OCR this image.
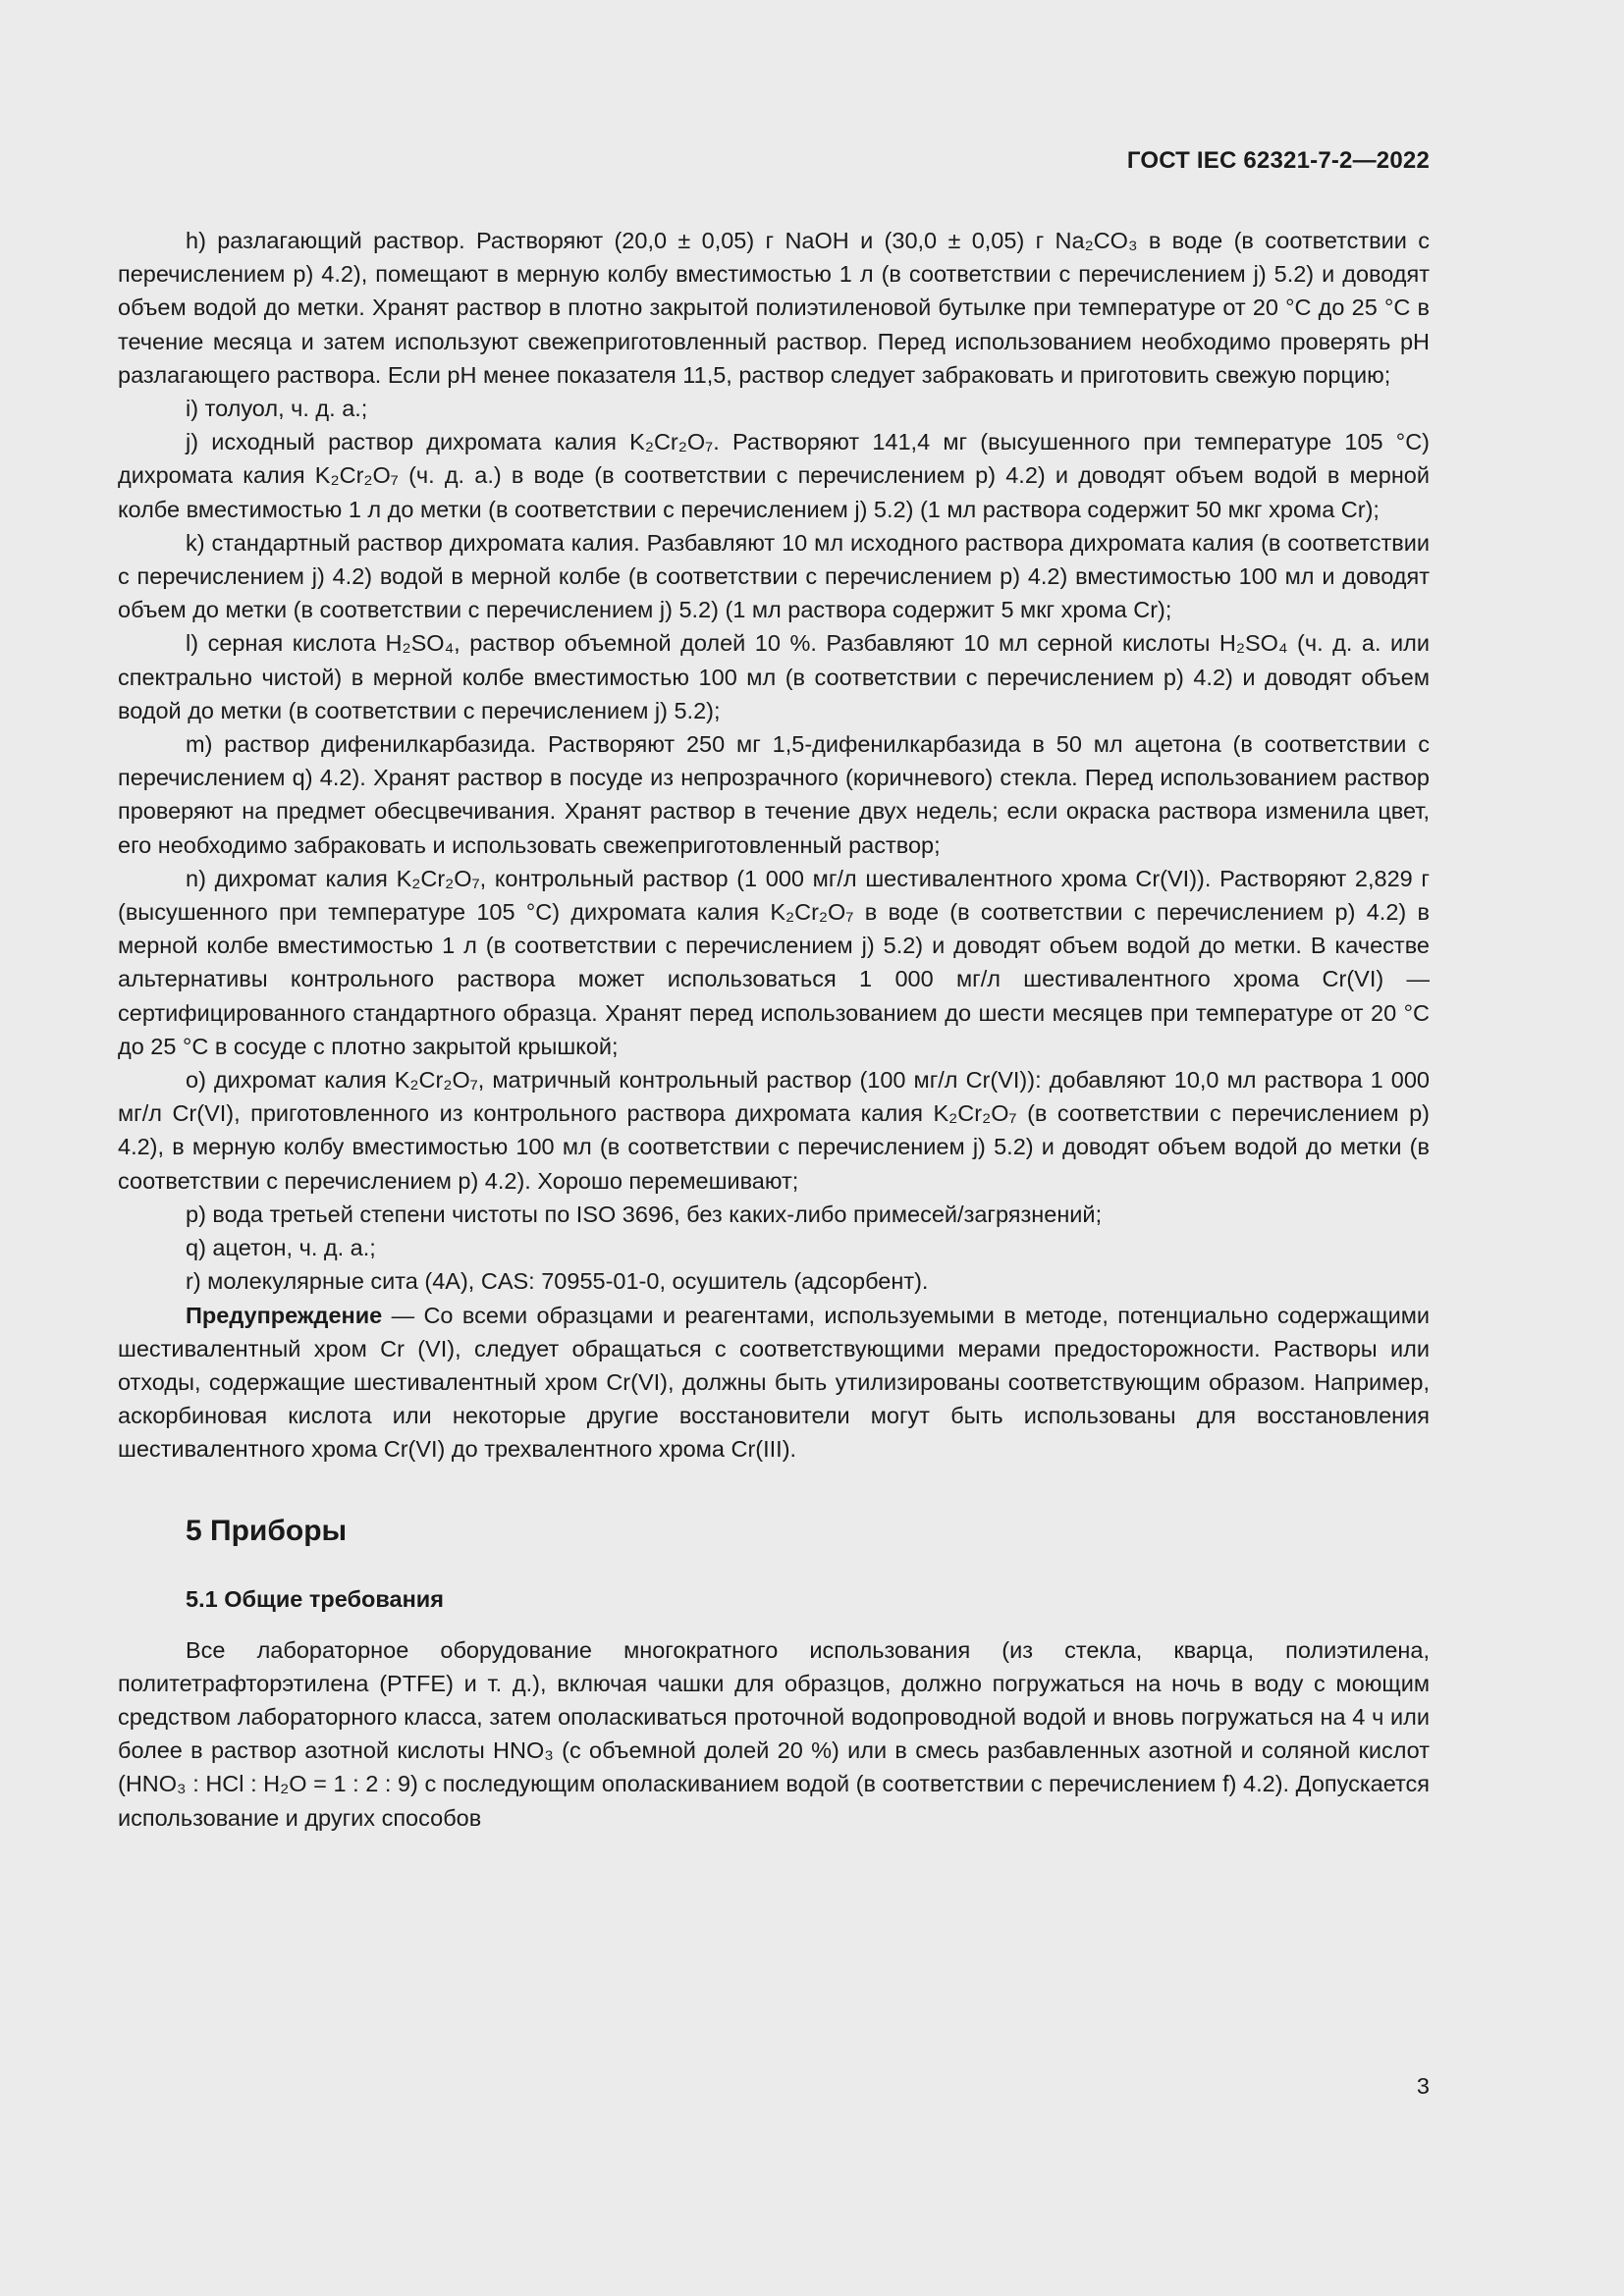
ГОСТ IEC 62321-7-2—2022

h) разлагающий раствор. Растворяют (20,0 ± 0,05) г NaOH и (30,0 ± 0,05) г Na₂CO₃ в воде (в соответствии с перечислением p) 4.2), помещают в мерную колбу вместимостью 1 л (в соответствии с перечислением j) 5.2) и доводят объем водой до метки. Хранят раствор в плотно закрытой полиэтиленовой бутылке при температуре от 20 °С до 25 °С в течение месяца и затем используют свежеприготовленный раствор. Перед использованием необходимо проверять pH разлагающего раствора. Если pH менее показателя 11,5, раствор следует забраковать и приготовить свежую порцию;

i) толуол, ч. д. а.;

j) исходный раствор дихромата калия K₂Cr₂O₇. Растворяют 141,4 мг (высушенного при температуре 105 °С) дихромата калия K₂Cr₂O₇ (ч. д. а.) в воде (в соответствии с перечислением p) 4.2) и доводят объем водой в мерной колбе вместимостью 1 л до метки (в соответствии с перечислением j) 5.2) (1 мл раствора содержит 50 мкг хрома Cr);

k) стандартный раствор дихромата калия. Разбавляют 10 мл исходного раствора дихромата калия (в соответствии с перечислением j) 4.2) водой в мерной колбе (в соответствии с перечислением p) 4.2) вместимостью 100 мл и доводят объем до метки (в соответствии с перечислением j) 5.2) (1 мл раствора содержит 5 мкг хрома Cr);

l) серная кислота H₂SO₄, раствор объемной долей 10 %. Разбавляют 10 мл серной кислоты H₂SO₄ (ч. д. а. или спектрально чистой) в мерной колбе вместимостью 100 мл (в соответствии с перечислением p) 4.2) и доводят объем водой до метки (в соответствии с перечислением j) 5.2);

m) раствор дифенилкарбазида. Растворяют 250 мг 1,5-дифенилкарбазида в 50 мл ацетона (в соответствии с перечислением q) 4.2). Хранят раствор в посуде из непрозрачного (коричневого) стекла. Перед использованием раствор проверяют на предмет обесцвечивания. Хранят раствор в течение двух недель; если окраска раствора изменила цвет, его необходимо забраковать и использовать свежеприготовленный раствор;

n) дихромат калия K₂Cr₂O₇, контрольный раствор (1 000 мг/л шестивалентного хрома Cr(VI)). Растворяют 2,829 г (высушенного при температуре 105 °С) дихромата калия K₂Cr₂O₇ в воде (в соответствии с перечислением p) 4.2) в мерной колбе вместимостью 1 л (в соответствии с перечислением j) 5.2) и доводят объем водой до метки. В качестве альтернативы контрольного раствора может использоваться 1 000 мг/л шестивалентного хрома Cr(VI) — сертифицированного стандартного образца. Хранят перед использованием до шести месяцев при температуре от 20 °С до 25 °С в сосуде с плотно закрытой крышкой;

o) дихромат калия K₂Cr₂O₇, матричный контрольный раствор (100 мг/л Cr(VI)): добавляют 10,0 мл раствора 1 000 мг/л Cr(VI), приготовленного из контрольного раствора дихромата калия K₂Cr₂O₇ (в соответствии с перечислением p) 4.2), в мерную колбу вместимостью 100 мл (в соответствии с перечислением j) 5.2) и доводят объем водой до метки (в соответствии с перечислением p) 4.2). Хорошо перемешивают;

p) вода третьей степени чистоты по ISO 3696, без каких-либо примесей/загрязнений;

q) ацетон, ч. д. а.;

r) молекулярные сита (4A), CAS: 70955-01-0, осушитель (адсорбент).

Предупреждение — Со всеми образцами и реагентами, используемыми в методе, потенциально содержащими шестивалентный хром Cr (VI), следует обращаться с соответствующими мерами предосторожности. Растворы или отходы, содержащие шестивалентный хром Cr(VI), должны быть утилизированы соответствующим образом. Например, аскорбиновая кислота или некоторые другие восстановители могут быть использованы для восстановления шестивалентного хрома Cr(VI) до трехвалентного хрома Cr(III).

5 Приборы
5.1 Общие требования

Все лабораторное оборудование многократного использования (из стекла, кварца, полиэтилена, политетрафторэтилена (PTFE) и т. д.), включая чашки для образцов, должно погружаться на ночь в воду с моющим средством лабораторного класса, затем ополаскиваться проточной водопроводной водой и вновь погружаться на 4 ч или более в раствор азотной кислоты HNO₃ (с объемной долей 20 %) или в смесь разбавленных азотной и соляной кислот (HNO₃ : HCl : H₂O = 1 : 2 : 9) с последующим ополаскиванием водой (в соответствии с перечислением f) 4.2). Допускается использование и других способов

3
